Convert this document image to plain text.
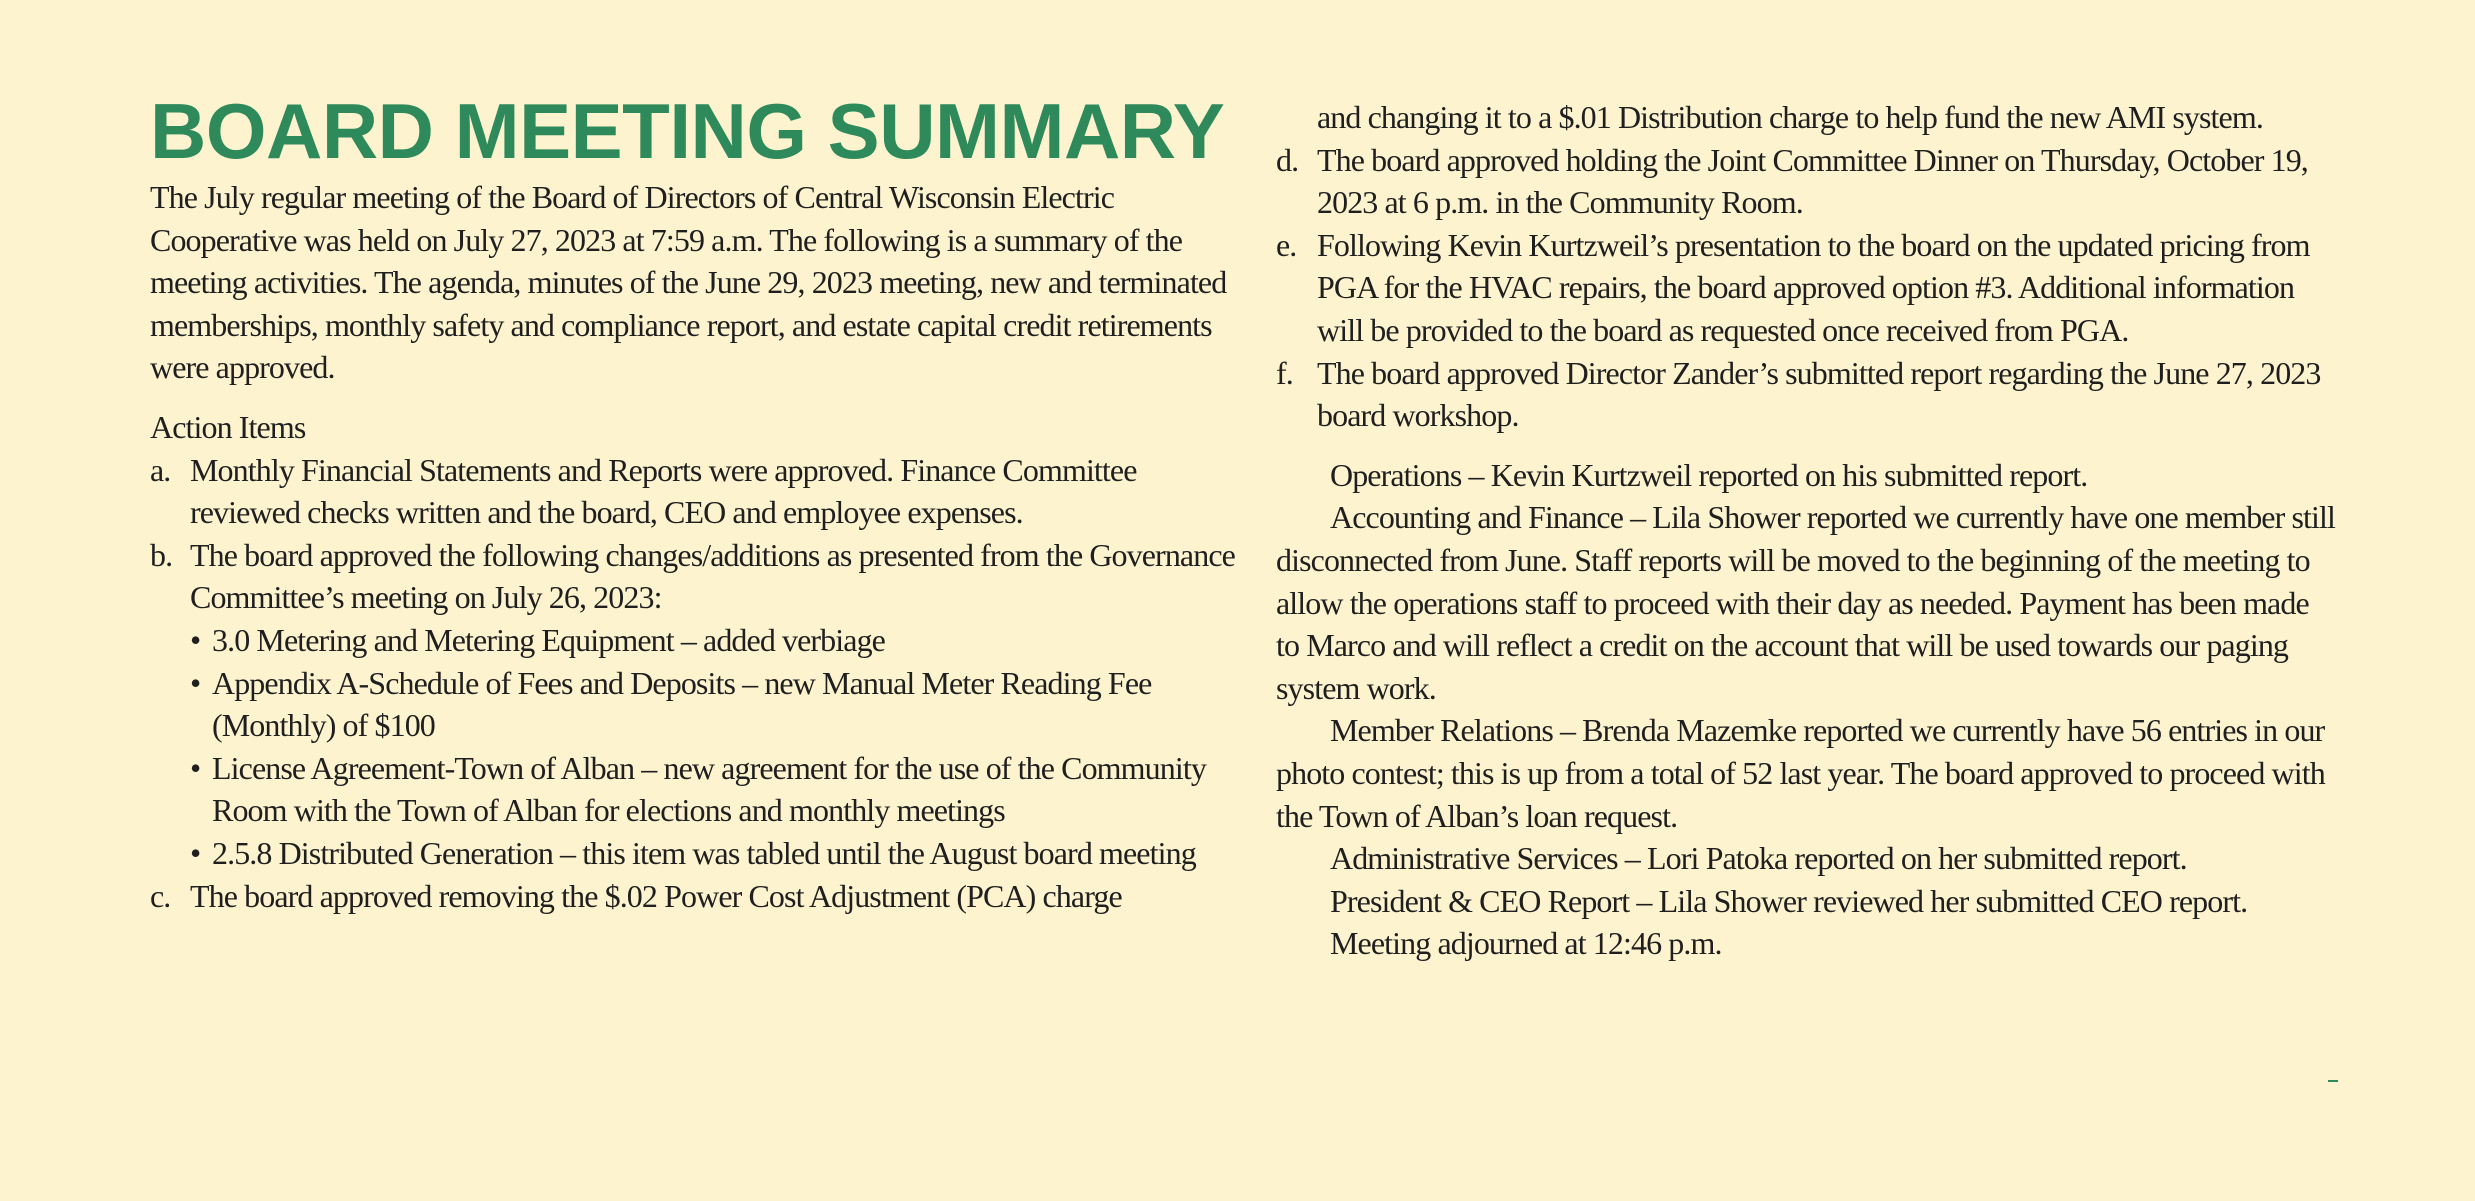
BOARD MEETING SUMMARY

The July regular meeting of the Board of Directors of Central Wisconsin Electric Cooperative was held on July 27, 2023 at 7:59 a.m. The following is a summary of the meeting activities. The agenda, minutes of the June 29, 2023 meeting, new and terminated memberships, monthly safety and compliance report, and estate capital credit retirements were approved.

Action Items

a. Monthly Financial Statements and Reports were approved. Finance Committee reviewed checks written and the board, CEO and employee expenses.
b. The board approved the following changes/additions as presented from the Governance Committee’s meeting on July 26, 2023:
• 3.0 Metering and Metering Equipment – added verbiage
• Appendix A-Schedule of Fees and Deposits – new Manual Meter Reading Fee (Monthly) of $100
• License Agreement-Town of Alban – new agreement for the use of the Community Room with the Town of Alban for elections and monthly meetings
• 2.5.8 Distributed Generation – this item was tabled until the August board meeting
c. The board approved removing the $.02 Power Cost Adjustment (PCA) charge

and changing it to a $.01 Distribution charge to help fund the new AMI system.

d. The board approved holding the Joint Committee Dinner on Thursday, October 19, 2023 at 6 p.m. in the Community Room.
e. Following Kevin Kurtzweil’s presentation to the board on the updated pricing from PGA for the HVAC repairs, the board approved option #3. Additional information will be provided to the board as requested once received from PGA.
f. The board approved Director Zander’s submitted report regarding the June 27, 2023 board workshop.

Operations – Kevin Kurtzweil reported on his submitted report.

Accounting and Finance – Lila Shower reported we currently have one member still disconnected from June. Staff reports will be moved to the beginning of the meeting to allow the operations staff to proceed with their day as needed. Payment has been made to Marco and will reflect a credit on the account that will be used towards our paging system work.

Member Relations – Brenda Mazemke reported we currently have 56 entries in our photo contest; this is up from a total of 52 last year. The board approved to proceed with the Town of Alban’s loan request.

Administrative Services – Lori Patoka reported on her submitted report.

President & CEO Report – Lila Shower reviewed her submitted CEO report.

Meeting adjourned at 12:46 p.m.
